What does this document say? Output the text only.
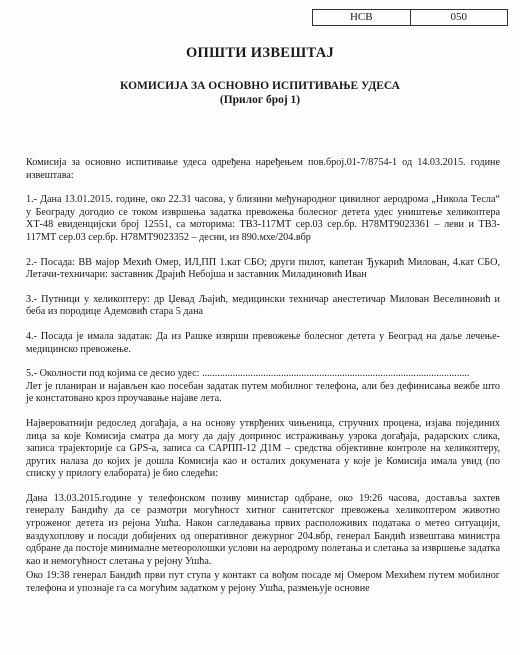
НСВ	050
ОПШТИ ИЗВЕШТАЈ
КОМИСИЈА ЗА ОСНОВНО ИСПИТИВАЊЕ УДЕСА
(Прилог број 1)

Комисија за основно испитивање удеса одређена наређењем пов.број.01-7/8754-1 од 14.03.2015. године извештава:

1.- Дана 13.01.2015. године, око 22.31 часова, у близини међународног цивилног аеродрома „Никола Тесла“ у Београду догодио се током извршења задатка превожења болесног детета удес уништење хеликоптера ХТ-48 евиденцијски број 12551, са моторима: ТВ3-117МТ сер.03 сер.бр. Н78МТ9023361 – леви и ТВ3-117МТ сер.03 сер.бр. Н78МТ9023352 – десни, из 890.мхе/204.вбр

2.- Посада: ВВ мајор Мехић Омер, ИЛ,ПП 1.кат СБО; други пилот, капетан Ђукарић Милован, 4.кат СБО, Летачи-техничари: заставник Драјић Небојша и заставник Миладиновић Иван

3.- Путници у хеликоптеру: др Џевад Љајић, медицински техничар анестетичар Милован Веселиновић и беба из породице Адемовић стара 5 дана

4.- Посада је имала задатак: Да из Рашке изврши превожење болесног детета у Београд на даље лечење-медицинско превожење.

5.- Околности под којима се десио удес: .........................................................................................................
Лет је планиран и најављен као посебан задатак путем мобилног телефона, али без дефинисања вежбе што је констатовано кроз проучавање најаве лета.

Највероватнији редослед догађаја, а на основу утврђених чињеница, стручних процена, изјава појединих лица за које Комисија сматра да могу да дају допринос истраживању узрока догађаја, радарских слика, записа трајекторије са GPS-а, записа са САРПП-12 Д1М – средства објективне контроле на хеликоптеру, других налаза до којих је дошла Комисија као и осталих докумената у које је Комисија имала увид (по списку у прилогу елабората) је био следећи:

Дана 13.03.2015.године у телефонском позиву министар одбране, око 19:26 часова, доставља захтев генералу Бандићу да се размотри могућност хитног санитетског превожења хеликоптером животно угроженог детета из рејона Ушћа. Након сагледавања првих расположивих података о метео ситуацији, ваздухоплову и посади добијених од оперативног дежурног 204.вбр, генерал Бандић извештава министра одбране да постоје минималне метеоролошки услови на аеродрому полетања и слетања за извршење задатка као и немогућност слетања у рејону Ушћа.

Око 19:38 генерал Бандић први пут ступа у контакт са вођом посаде мј Омером Мехићем путем мобилног телефона и упознаје га са могућим задатком у рејону Ушћа, размењује основне
